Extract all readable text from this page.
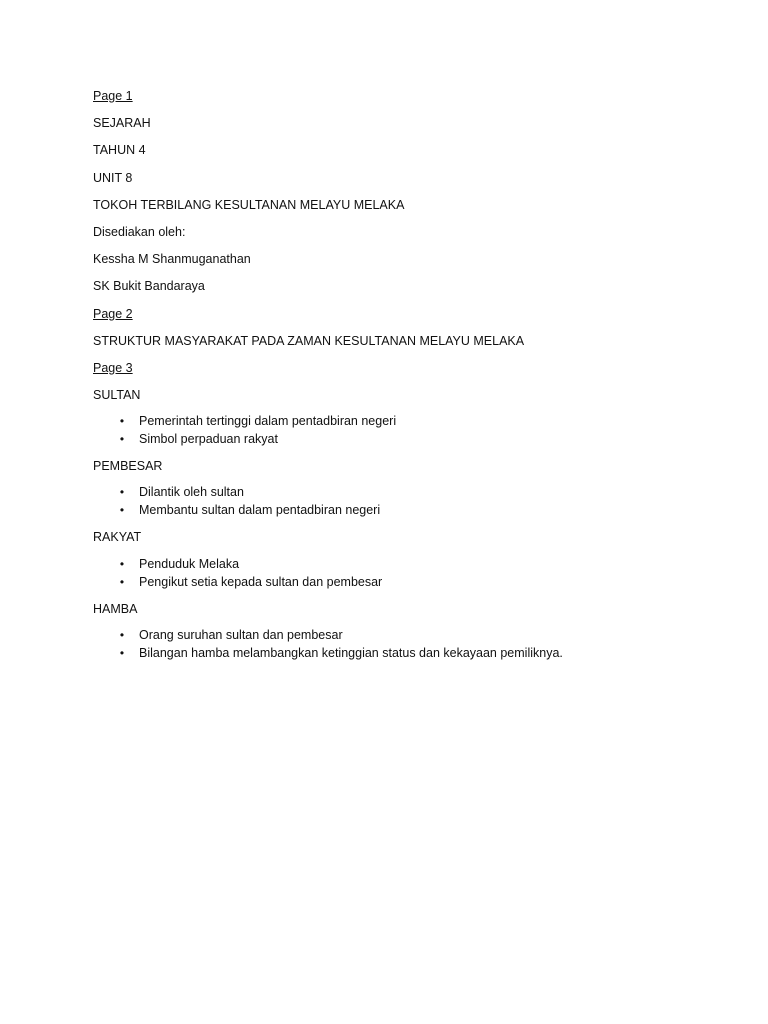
Page 1
SEJARAH
TAHUN 4
UNIT 8
TOKOH TERBILANG KESULTANAN MELAYU MELAKA
Disediakan oleh:
Kessha M Shanmuganathan
SK Bukit Bandaraya
Page 2
STRUKTUR MASYARAKAT PADA ZAMAN KESULTANAN MELAYU MELAKA
Page 3
SULTAN
•	Pemerintah tertinggi dalam pentadbiran negeri
•	Simbol perpaduan rakyat
PEMBESAR
•	Dilantik oleh sultan
•	Membantu sultan dalam pentadbiran negeri
RAKYAT
•	Penduduk Melaka
•	Pengikut setia kepada sultan dan pembesar
HAMBA
•	Orang suruhan sultan dan pembesar
•	Bilangan hamba melambangkan ketinggian status dan kekayaan pemiliknya.
